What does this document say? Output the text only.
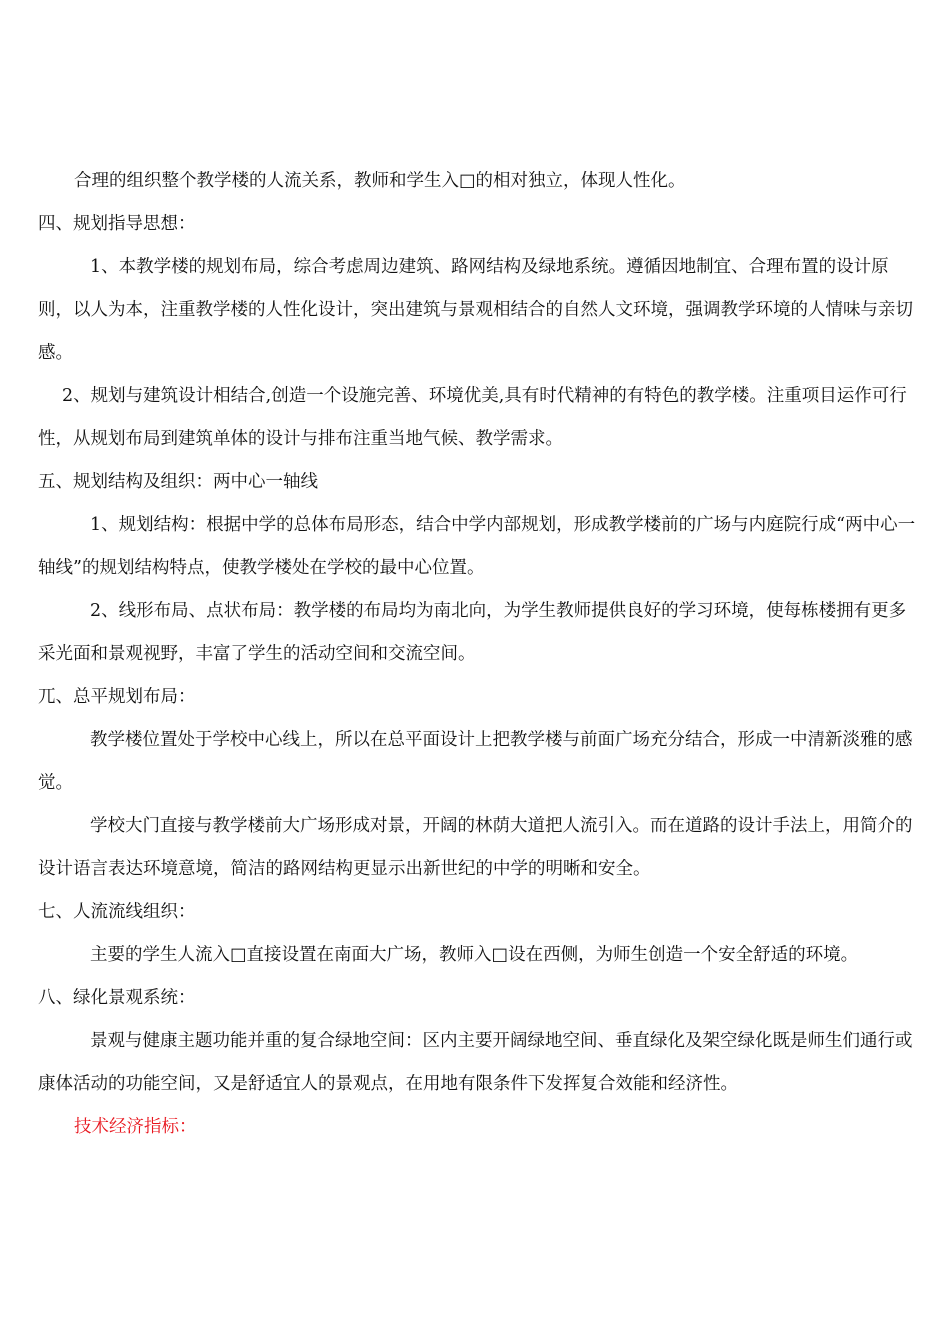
合理的组织整个教学楼的人流关系，教师和学生入□的相对独立，体现人性化。

四、规划指导思想：

1、本教学楼的规划布局，综合考虑周边建筑、路网结构及绿地系统。遵循因地制宜、合理布置的设计原则，以人为本，注重教学楼的人性化设计，突出建筑与景观相结合的自然人文环境，强调教学环境的人情味与亲切感。

2、规划与建筑设计相结合,创造一个设施完善、环境优美,具有时代精神的有特色的教学楼。注重项目运作可行性，从规划布局到建筑单体的设计与排布注重当地气候、教学需求。

五、规划结构及组织：两中心一轴线

1、规划结构：根据中学的总体布局形态，结合中学内部规划，形成教学楼前的广场与内庭院行成“两中心一轴线”的规划结构特点，使教学楼处在学校的最中心位置。

2、线形布局、点状布局：教学楼的布局均为南北向，为学生教师提供良好的学习环境，使每栋楼拥有更多采光面和景观视野，丰富了学生的活动空间和交流空间。

兀、总平规划布局：

教学楼位置处于学校中心线上，所以在总平面设计上把教学楼与前面广场充分结合，形成一中清新淡雅的感觉。

学校大门直接与教学楼前大广场形成对景，开阔的林荫大道把人流引入。而在道路的设计手法上，用简介的设计语言表达环境意境，简洁的路网结构更显示出新世纪的中学的明晰和安全。

七、人流流线组织：

主要的学生人流入□直接设置在南面大广场，教师入□设在西侧，为师生创造一个安全舒适的环境。

八、绿化景观系统：

景观与健康主题功能并重的复合绿地空间：区内主要开阔绿地空间、垂直绿化及架空绿化既是师生们通行或康体活动的功能空间，又是舒适宜人的景观点，在用地有限条件下发挥复合效能和经济性。

技术经济指标：
